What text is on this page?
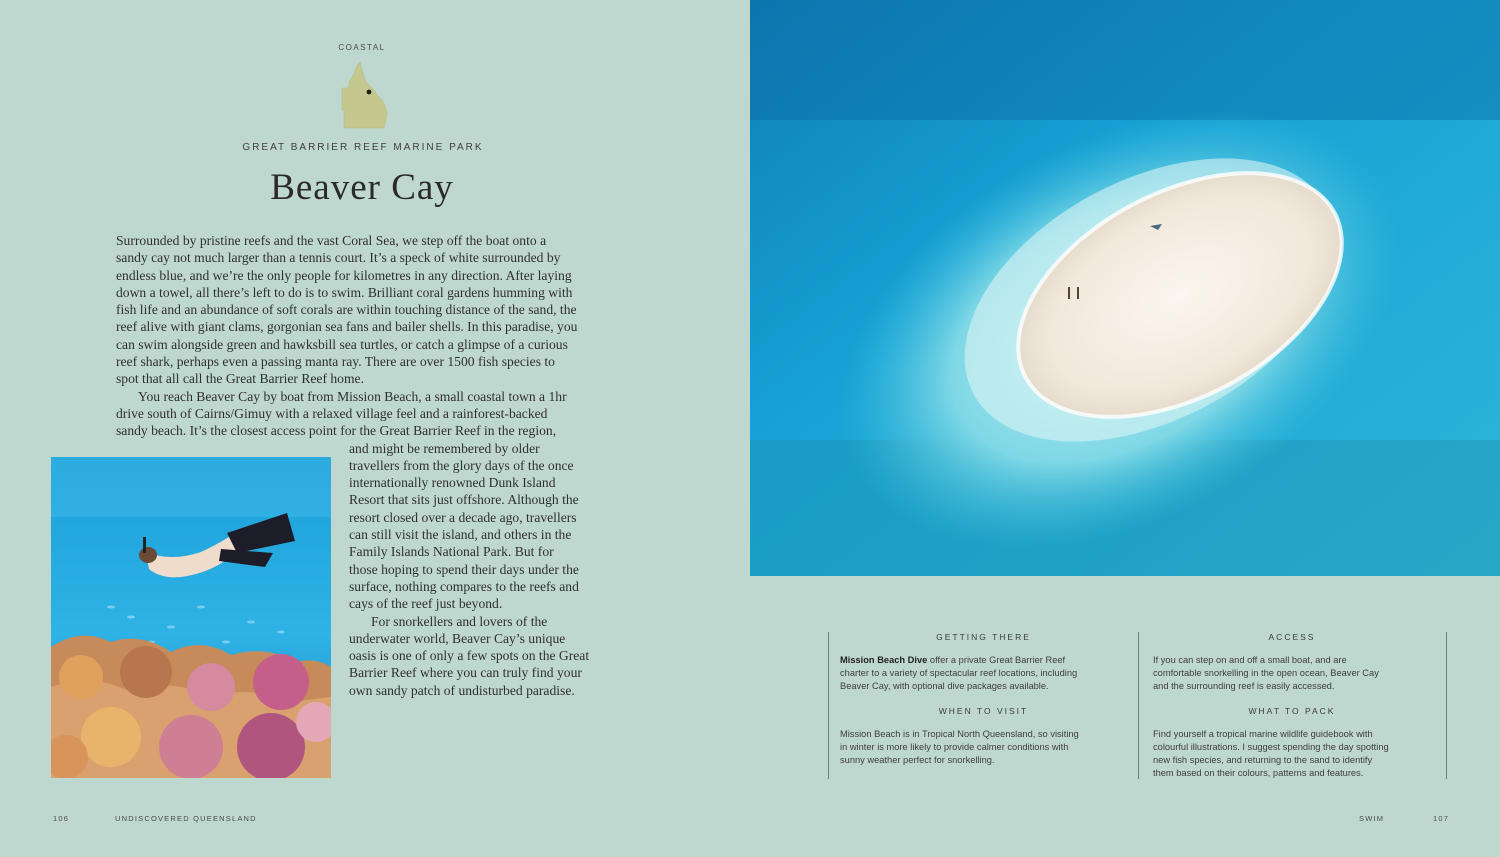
COASTAL
GREAT BARRIER REEF MARINE PARK
Beaver Cay
Surrounded by pristine reefs and the vast Coral Sea, we step off the boat onto a
sandy cay not much larger than a tennis court. It’s a speck of white surrounded by
endless blue, and we’re the only people for kilometres in any direction. After laying
down a towel, all there’s left to do is to swim. Brilliant coral gardens humming with
fish life and an abundance of soft corals are within touching distance of the sand, the
reef alive with giant clams, gorgonian sea fans and bailer shells. In this paradise, you
can swim alongside green and hawksbill sea turtles, or catch a glimpse of a curious
reef shark, perhaps even a passing manta ray. There are over 1500 fish species to
spot that all call the Great Barrier Reef home.
You reach Beaver Cay by boat from Mission Beach, a small coastal town a 1hr
drive south of Cairns/Gimuy with a relaxed village feel and a rainforest-backed
sandy beach. It’s the closest access point for the Great Barrier Reef in the region,
and might be remembered by older
travellers from the glory days of the once
internationally renowned Dunk Island
Resort that sits just offshore. Although the
resort closed over a decade ago, travellers
can still visit the island, and others in the
Family Islands National Park. But for
those hoping to spend their days under the
surface, nothing compares to the reefs and
cays of the reef just beyond.
For snorkellers and lovers of the
underwater world, Beaver Cay’s unique
oasis is one of only a few spots on the Great
Barrier Reef where you can truly find your
own sandy patch of undisturbed paradise.
106	UNDISCOVERED QUEENSLAND
GETTING THERE

Mission Beach Dive offer a private Great Barrier Reef
charter to a variety of spectacular reef locations, including
Beaver Cay, with optional dive packages available.

WHEN TO VISIT

Mission Beach is in Tropical North Queensland, so visiting
in winter is more likely to provide calmer conditions with
sunny weather perfect for snorkelling.

ACCESS

If you can step on and off a small boat, and are
comfortable snorkelling in the open ocean, Beaver Cay
and the surrounding reef is easily accessed.

WHAT TO PACK

Find yourself a tropical marine wildlife guidebook with
colourful illustrations. I suggest spending the day spotting
new fish species, and returning to the sand to identify
them based on their colours, patterns and features.

SWIM	107
